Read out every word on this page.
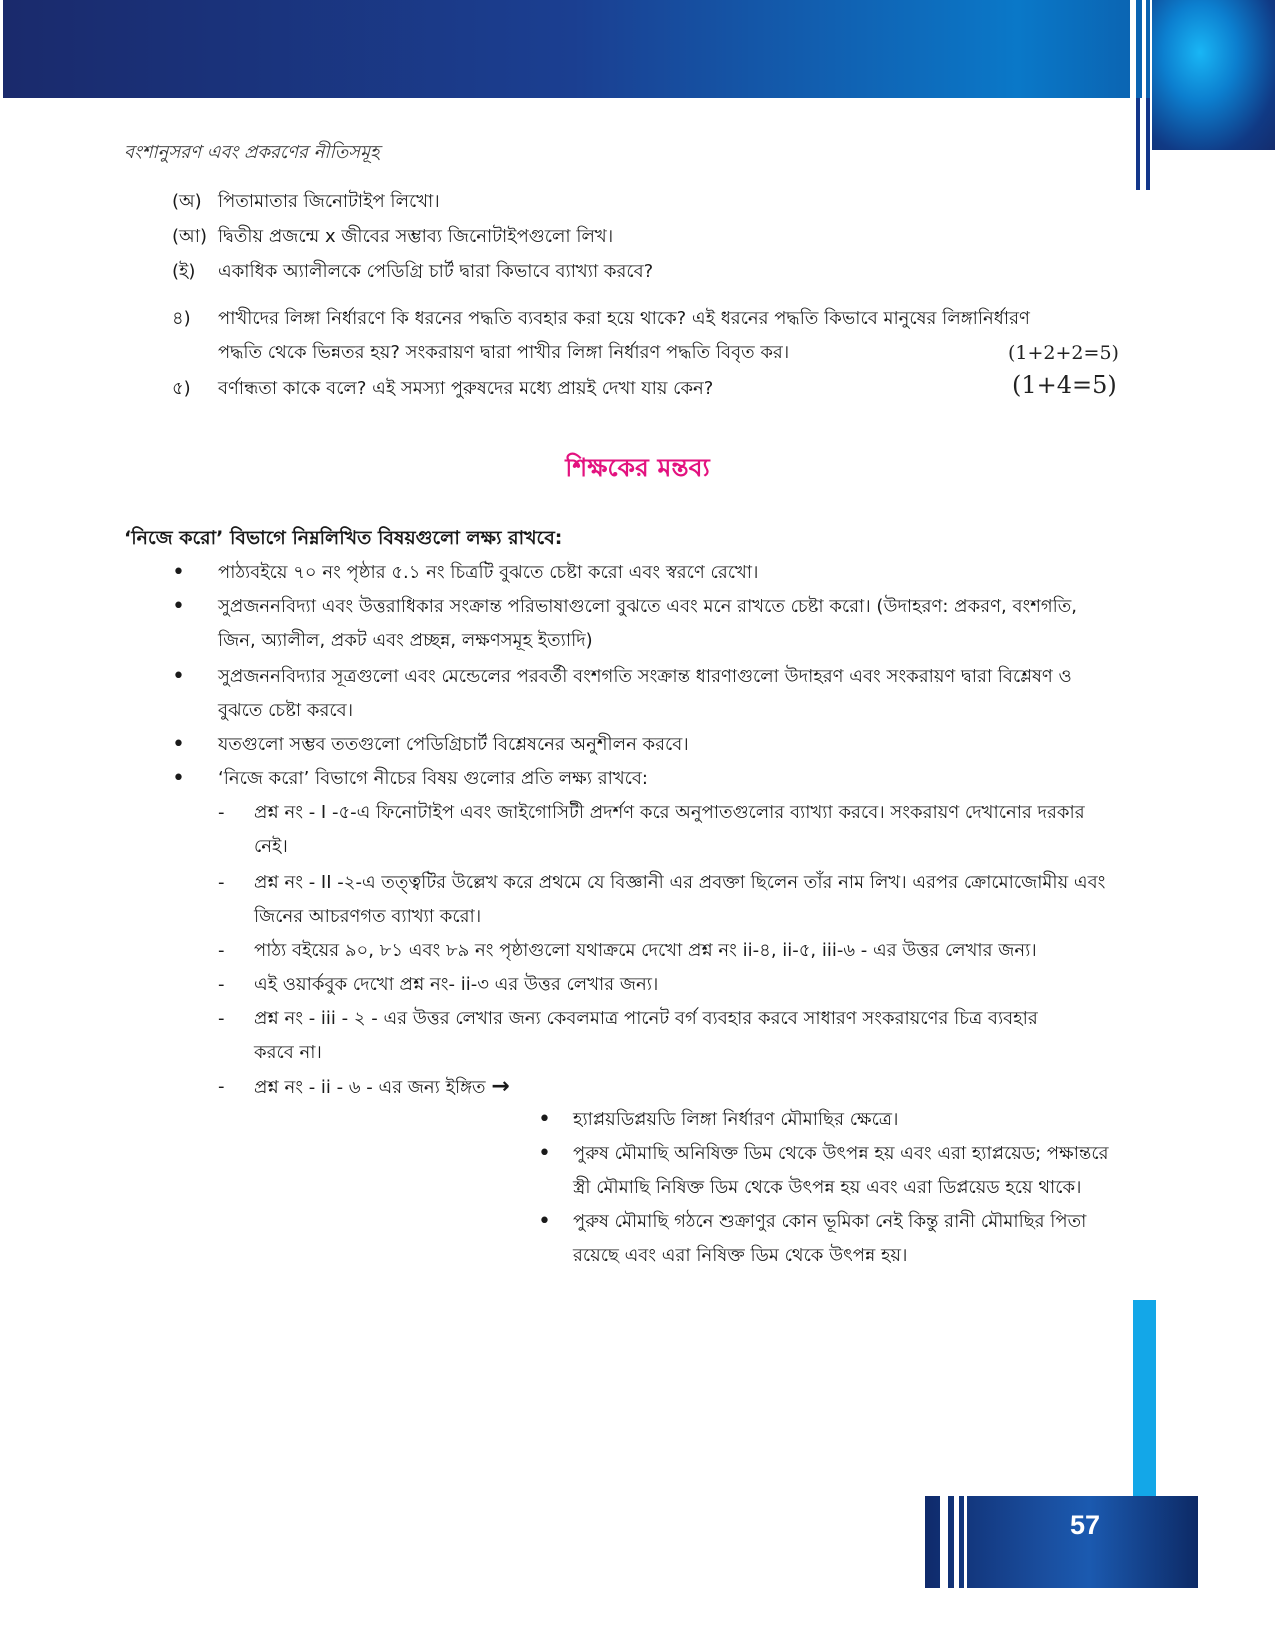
বংশানুসরণ এবং প্রকরণের নীতিসমূহ
(অ) পিতামাতার জিনোটাইপ লিখো।
(আ) দ্বিতীয় প্রজন্মে x জীবের সম্ভাব্য জিনোটাইপগুলো লিখ।
(ই) একাধিক অ্যালীলকে পেডিগ্রি চার্ট দ্বারা কিভাবে ব্যাখ্যা করবে?
৪) পাখীদের লিঙ্গা নির্ধারণে কি ধরনের পদ্ধতি ব্যবহার করা হয়ে থাকে? এই ধরনের পদ্ধতি কিভাবে মানুষের লিঙ্গানির্ধারণ
পদ্ধতি থেকে ভিন্নতর হয়? সংকরায়ণ দ্বারা পাখীর লিঙ্গা নির্ধারণ পদ্ধতি বিবৃত কর।	(1+2+2=5)
৫) বর্ণান্ধতা কাকে বলে? এই সমস্যা পুরুষদের মধ্যে প্রায়ই দেখা যায় কেন?	(1+4=5)
শিক্ষকের মন্তব্য
‘নিজে করো’ বিভাগে নিম্নলিখিত বিষয়গুলো লক্ষ্য রাখবে:
• পাঠ্যবইয়ে ৭০ নং পৃষ্ঠার ৫.১ নং চিত্রটি বুঝতে চেষ্টা করো এবং স্বরণে রেখো।
• সুপ্রজননবিদ্যা এবং উত্তরাধিকার সংক্রান্ত পরিভাষাগুলো বুঝতে এবং মনে রাখতে চেষ্টা করো। (উদাহরণ: প্রকরণ, বংশগতি,
জিন, অ্যালীল, প্রকট এবং প্রচ্ছন্ন, লক্ষণসমূহ ইত্যাদি)
• সুপ্রজননবিদ্যার সূত্রগুলো এবং মেন্ডেলের পরবর্তী বংশগতি সংক্রান্ত ধারণাগুলো উদাহরণ এবং সংকরায়ণ দ্বারা বিশ্লেষণ ও
বুঝতে চেষ্টা করবে।
• যতগুলো সম্ভব ততগুলো পেডিগ্রিচার্ট বিশ্লেষনের অনুশীলন করবে।
• ‘নিজে করো’ বিভাগে নীচের বিষয় গুলোর প্রতি লক্ষ্য রাখবে:
- প্রশ্ন নং - I -৫-এ ফিনোটাইপ এবং জাইগোসিটী প্রদর্শণ করে অনুপাতগুলোর ব্যাখ্যা করবে। সংকরায়ণ দেখানোর দরকার
নেই।
- প্রশ্ন নং - II -২-এ তত্ত্বটির উল্লেখ করে প্রথমে যে বিজ্ঞানী এর প্রবক্তা ছিলেন তাঁর নাম লিখ। এরপর ক্রোমোজোমীয় এবং
জিনের আচরণগত ব্যাখ্যা করো।
- পাঠ্য বইয়ের ৯০, ৮১ এবং ৮৯ নং পৃষ্ঠাগুলো যথাক্রমে দেখো প্রশ্ন নং ii-৪, ii-৫, iii-৬ - এর উত্তর লেখার জন্য।
- এই ওয়ার্কবুক দেখো প্রশ্ন নং- ii-৩ এর উত্তর লেখার জন্য।
- প্রশ্ন নং - iii - ২ - এর উত্তর লেখার জন্য কেবলমাত্র পানেট বর্গ ব্যবহার করবে সাধারণ সংকরায়ণের চিত্র ব্যবহার
করবে না।
- প্রশ্ন নং - ii - ৬ - এর জন্য ইঙ্গিত →
• হ্যাপ্লয়ডিপ্লয়ডি লিঙ্গা নির্ধারণ মৌমাছির ক্ষেত্রে।
• পুরুষ মৌমাছি অনিষিক্ত ডিম থেকে উৎপন্ন হয় এবং এরা হ্যাপ্লয়েড; পক্ষান্তরে
স্ত্রী মৌমাছি নিষিক্ত ডিম থেকে উৎপন্ন হয় এবং এরা ডিপ্লয়েড হয়ে থাকে।
• পুরুষ মৌমাছি গঠনে শুক্রাণুর কোন ভূমিকা নেই কিন্তু রানী মৌমাছির পিতা
রয়েছে এবং এরা নিষিক্ত ডিম থেকে উৎপন্ন হয়।
57
